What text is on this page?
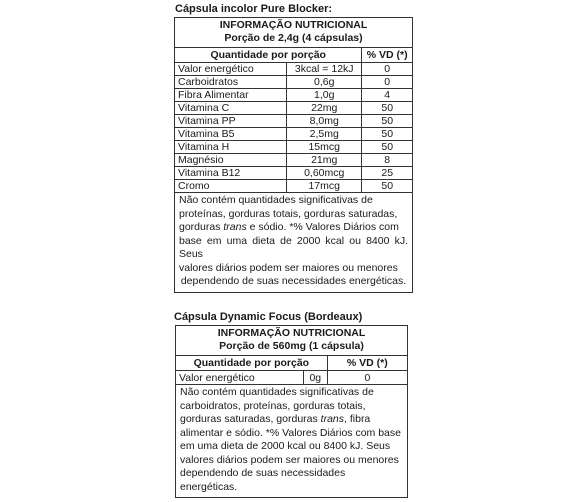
Cápsula incolor Pure Blocker:
INFORMAÇÃO NUTRICIONAL
Porção de 2,4g (4 cápsulas)
Quantidade por porção	% VD (*)
Valor energético	3kcal = 12kJ	0
Carboidratos	0,6g	0
Fibra Alimentar	1,0g	4
Vitamina C	22mg	50
Vitamina PP	8,0mg	50
Vitamina B5	2,5mg	50
Vitamina H	15mcg	50
Magnésio	21mg	8
Vitamina B12	0,60mcg	25
Cromo	17mcg	50
Não contém quantidades significativas de
proteínas, gorduras totais, gorduras saturadas,
gorduras trans e sódio. *% Valores Diários com
base em uma dieta de 2000 kcal ou 8400 kJ. Seus
valores diários podem ser maiores ou menores
dependendo de suas necessidades energéticas.
Cápsula Dynamic Focus (Bordeaux)
INFORMAÇÃO NUTRICIONAL
Porção de 560mg (1 cápsula)
Quantidade por porção	% VD (*)
Valor energético	0g	0
Não contém quantidades significativas de
carboidratos, proteínas, gorduras totais,
gorduras saturadas, gorduras trans, fibra
alimentar e sódio. *% Valores Diários com base
em uma dieta de 2000 kcal ou 8400 kJ. Seus
valores diários podem ser maiores ou menores
dependendo de suas necessidades
energéticas.
